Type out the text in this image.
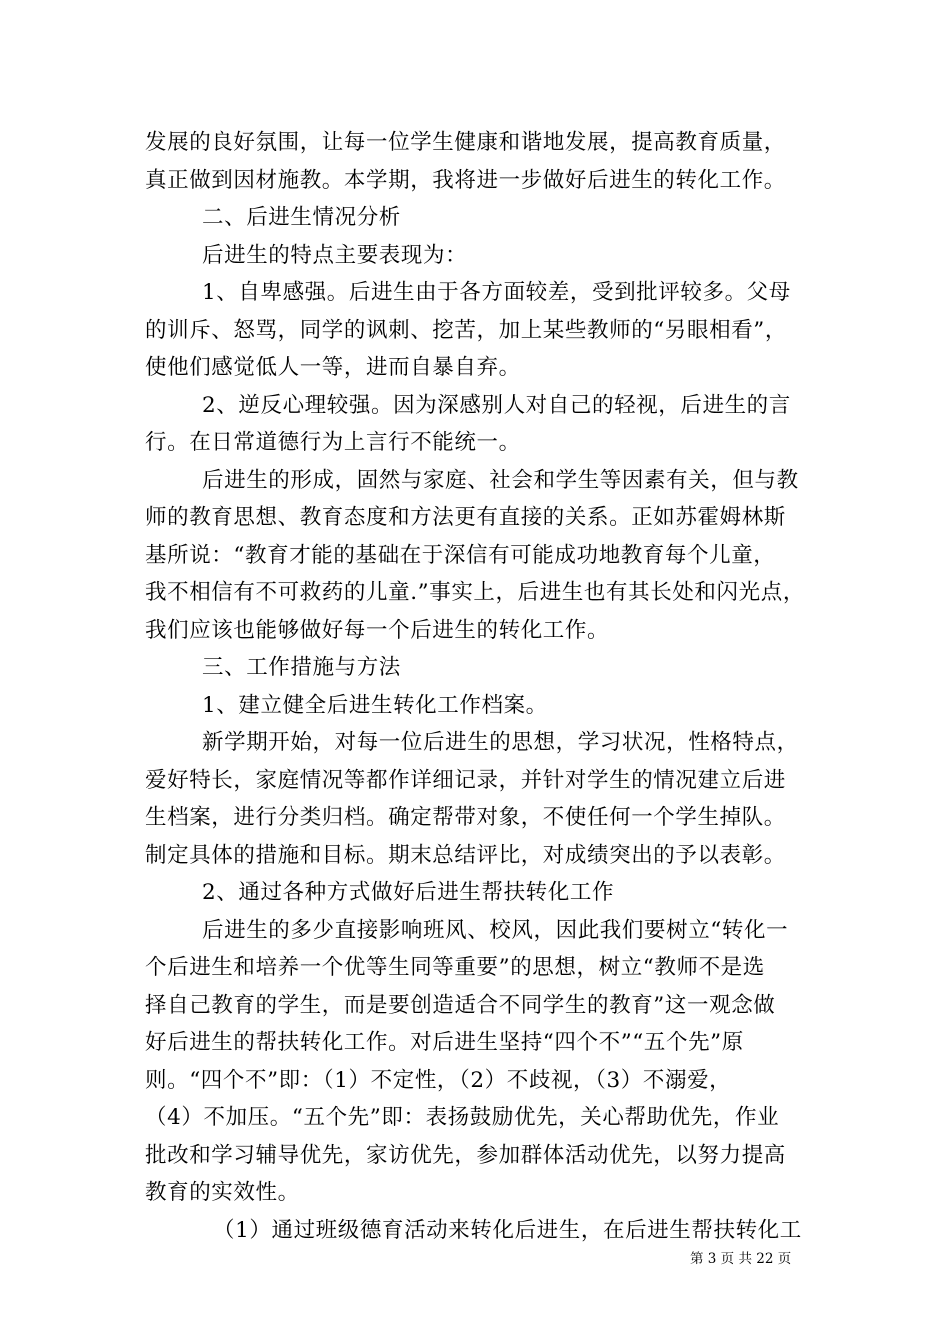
发展的良好氛围，让每一位学生健康和谐地发展，提高教育质量，
真正做到因材施教。本学期，我将进一步做好后进生的转化工作。
二、后进生情况分析
后进生的特点主要表现为：
1、自卑感强。后进生由于各方面较差，受到批评较多。父母
的训斥、怒骂，同学的讽刺、挖苦，加上某些教师的“另眼相看”，
使他们感觉低人一等，进而自暴自弃。
2、逆反心理较强。因为深感别人对自己的轻视，后进生的言
行。在日常道德行为上言行不能统一。
后进生的形成，固然与家庭、社会和学生等因素有关，但与教
师的教育思想、教育态度和方法更有直接的关系。正如苏霍姆林斯
基所说：“教育才能的基础在于深信有可能成功地教育每个儿童，
我不相信有不可救药的儿童.”事实上，后进生也有其长处和闪光点，
我们应该也能够做好每一个后进生的转化工作。
三、工作措施与方法
1、建立健全后进生转化工作档案。
新学期开始，对每一位后进生的思想，学习状况，性格特点，
爱好特长，家庭情况等都作详细记录，并针对学生的情况建立后进
生档案，进行分类归档。确定帮带对象，不使任何一个学生掉队。
制定具体的措施和目标。期末总结评比，对成绩突出的予以表彰。
2、通过各种方式做好后进生帮扶转化工作
后进生的多少直接影响班风、校风，因此我们要树立“转化一
个后进生和培养一个优等生同等重要”的思想，树立“教师不是选
择自己教育的学生，而是要创造适合不同学生的教育”这一观念做
好后进生的帮扶转化工作。对后进生坚持“四个不”“五个先”原
则。“四个不”即：（1）不定性，（2）不歧视，（3）不溺爱，
（4）不加压。“五个先”即：表扬鼓励优先，关心帮助优先，作业
批改和学习辅导优先，家访优先，参加群体活动优先，以努力提高
教育的实效性。
（1）通过班级德育活动来转化后进生，在后进生帮扶转化工
第 3 页 共 22 页
